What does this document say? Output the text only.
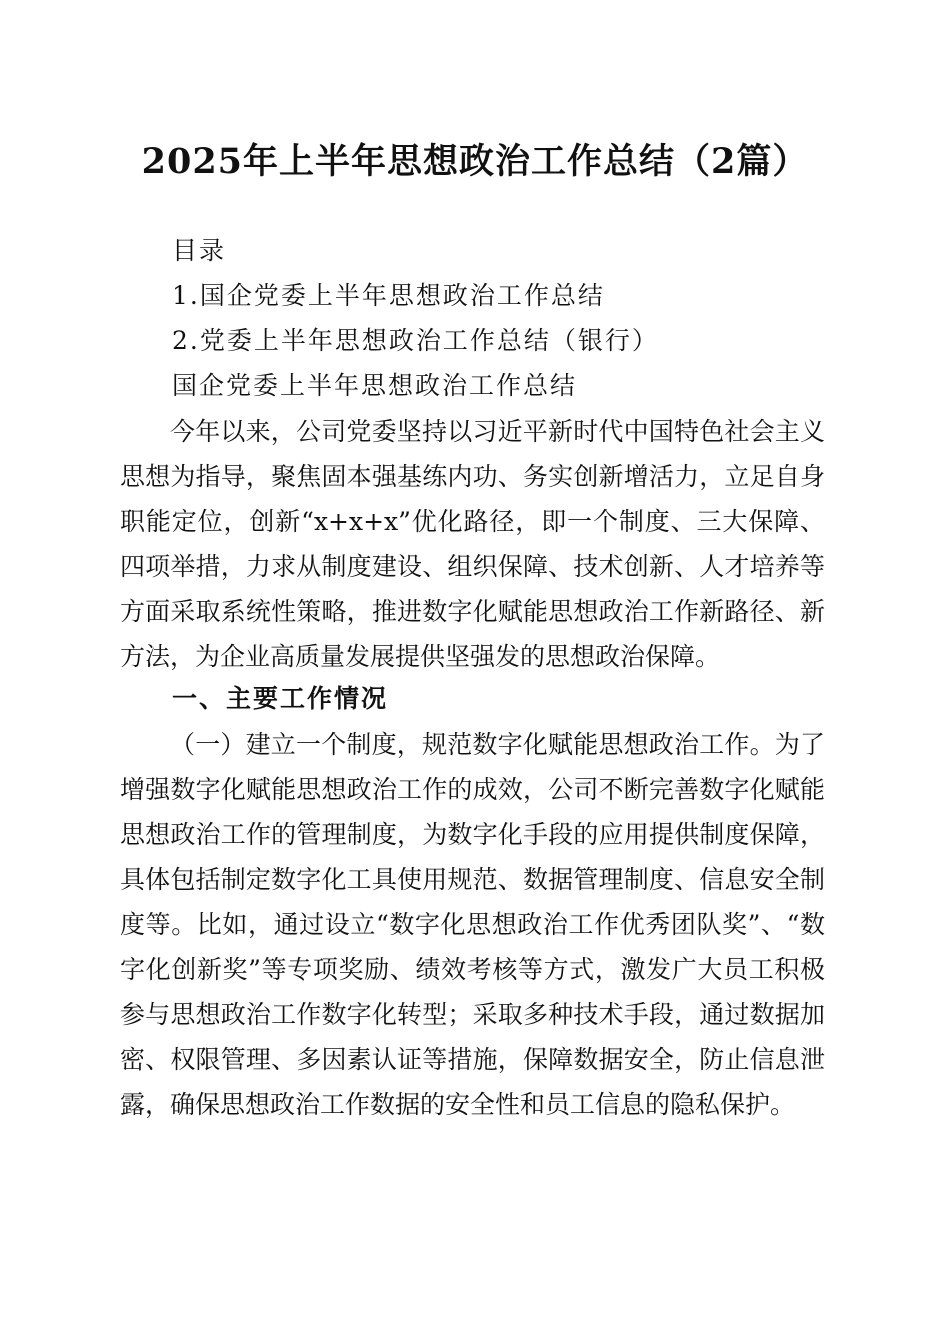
2025年上半年思想政治工作总结（2篇）
目录
1.国企党委上半年思想政治工作总结
2.党委上半年思想政治工作总结（银行）
国企党委上半年思想政治工作总结
今年以来，公司党委坚持以习近平新时代中国特色社会主义思想为指导，聚焦固本强基练内功、务实创新增活力，立足自身职能定位，创新“x+x+x”优化路径，即一个制度、三大保障、四项举措，力求从制度建设、组织保障、技术创新、人才培养等方面采取系统性策略，推进数字化赋能思想政治工作新路径、新方法，为企业高质量发展提供坚强发的思想政治保障。
一、主要工作情况
（一）建立一个制度，规范数字化赋能思想政治工作。为了增强数字化赋能思想政治工作的成效，公司不断完善数字化赋能思想政治工作的管理制度，为数字化手段的应用提供制度保障，具体包括制定数字化工具使用规范、数据管理制度、信息安全制度等。比如，通过设立“数字化思想政治工作优秀团队奖”、“数字化创新奖”等专项奖励、绩效考核等方式，激发广大员工积极参与思想政治工作数字化转型；采取多种技术手段，通过数据加密、权限管理、多因素认证等措施，保障数据安全，防止信息泄露，确保思想政治工作数据的安全性和员工信息的隐私保护。
